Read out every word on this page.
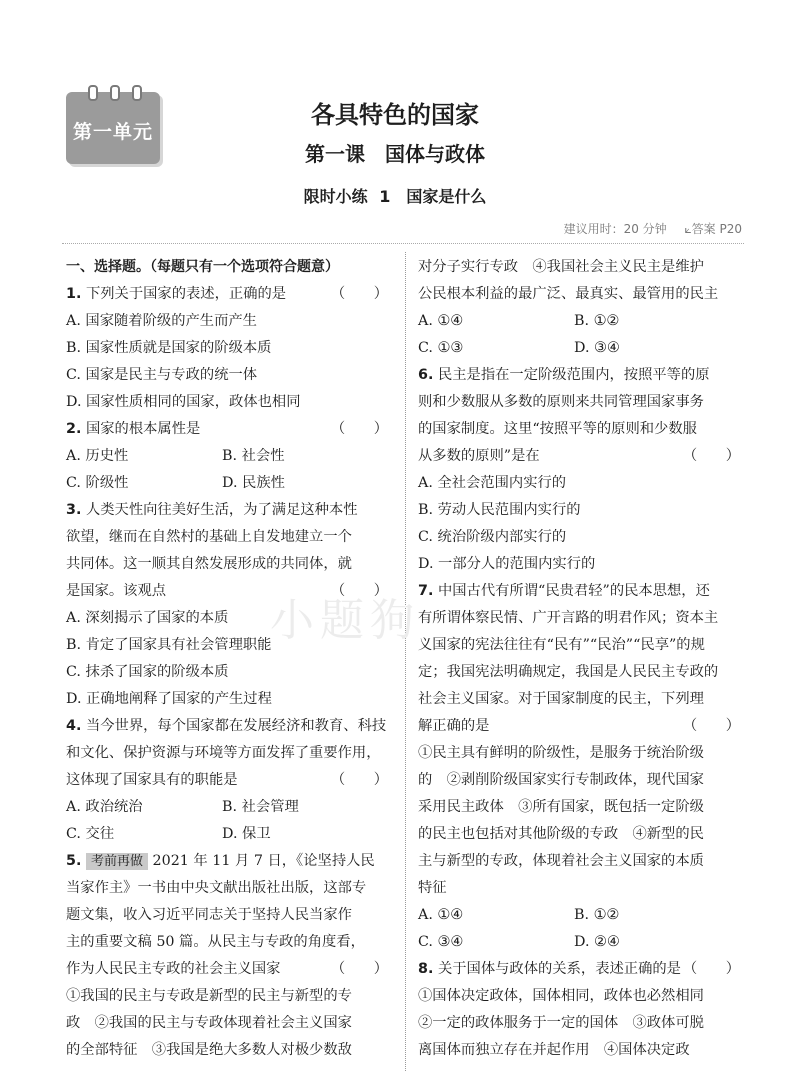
第一单元
各具特色的国家
第一课　国体与政体
限时小练 1　国家是什么
建议用时：20 分钟 ⟀答案 P20
小题狗
一、选择题。（每题只有一个选项符合题意）
1. 下列关于国家的表述，正确的是	（　　）
A. 国家随着阶级的产生而产生
B. 国家性质就是国家的阶级本质
C. 国家是民主与专政的统一体
D. 国家性质相同的国家，政体也相同
2. 国家的根本属性是	（　　）
A. 历史性	B. 社会性
C. 阶级性	D. 民族性
3. 人类天性向往美好生活，为了满足这种本性
欲望，继而在自然村的基础上自发地建立一个
共同体。这一顺其自然发展形成的共同体，就
是国家。该观点	（　　）
A. 深刻揭示了国家的本质
B. 肯定了国家具有社会管理职能
C. 抹杀了国家的阶级本质
D. 正确地阐释了国家的产生过程
4. 当今世界，每个国家都在发展经济和教育、科技
和文化、保护资源与环境等方面发挥了重要作用，
这体现了国家具有的职能是	（　　）
A. 政治统治	B. 社会管理
C. 交往	D. 保卫
5. 考前再做 2021 年 11 月 7 日，《论坚持人民
当家作主》一书由中央文献出版社出版，这部专
题文集，收入习近平同志关于坚持人民当家作
主的重要文稿 50 篇。从民主与专政的角度看，
作为人民民主专政的社会主义国家	（　　）
①我国的民主与专政是新型的民主与新型的专
政　②我国的民主与专政体现着社会主义国家
的全部特征　③我国是绝大多数人对极少数敌
对分子实行专政　④我国社会主义民主是维护
公民根本利益的最广泛、最真实、最管用的民主
A. ①④	B. ①②
C. ①③	D. ③④
6. 民主是指在一定阶级范围内，按照平等的原
则和少数服从多数的原则来共同管理国家事务
的国家制度。这里“按照平等的原则和少数服
从多数的原则”是在	（　　）
A. 全社会范围内实行的
B. 劳动人民范围内实行的
C. 统治阶级内部实行的
D. 一部分人的范围内实行的
7. 中国古代有所谓“民贵君轻”的民本思想，还
有所谓体察民情、广开言路的明君作风；资本主
义国家的宪法往往有“民有”“民治”“民享”的规
定；我国宪法明确规定，我国是人民民主专政的
社会主义国家。对于国家制度的民主，下列理
解正确的是	（　　）
①民主具有鲜明的阶级性，是服务于统治阶级
的　②剥削阶级国家实行专制政体，现代国家
采用民主政体　③所有国家，既包括一定阶级
的民主也包括对其他阶级的专政　④新型的民
主与新型的专政，体现着社会主义国家的本质
特征
A. ①④	B. ①②
C. ③④	D. ②④
8. 关于国体与政体的关系，表述正确的是 （　　）
①国体决定政体，国体相同，政体也必然相同
②一定的政体服务于一定的国体　③政体可脱
离国体而独立存在并起作用　④国体决定政
